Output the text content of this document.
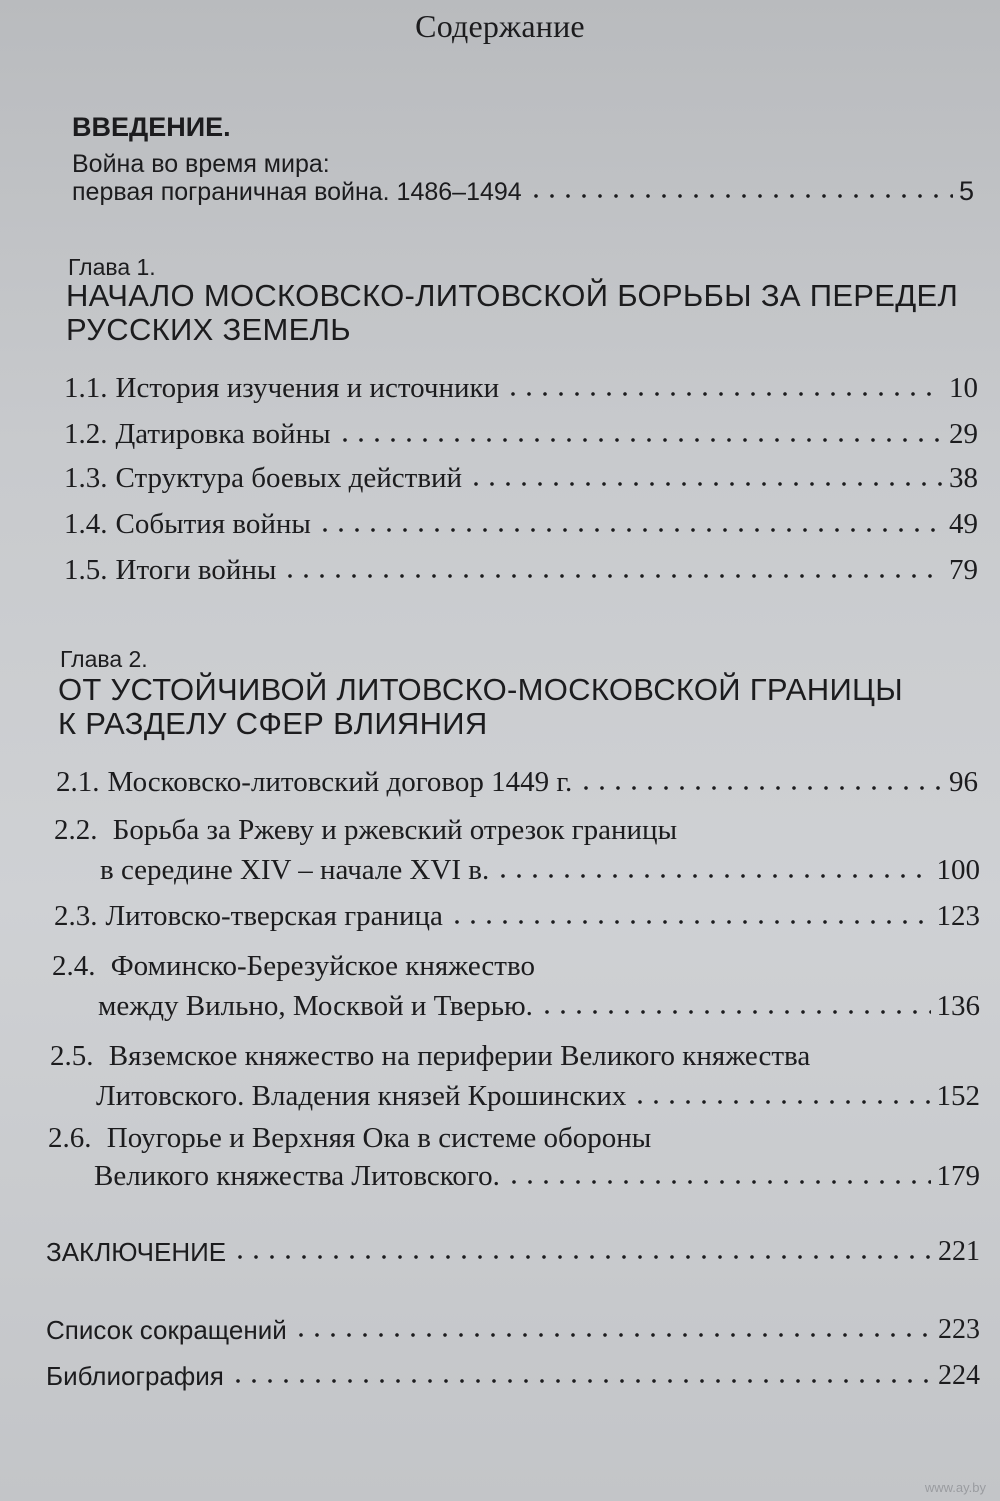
Содержание
ВВЕДЕНИЕ.
Война во время мира:
первая пограничная война. 1486–1494	5
Глава 1.
НАЧАЛО МОСКОВСКО-ЛИТОВСКОЙ БОРЬБЫ ЗА ПЕРЕДЕЛ
РУССКИХ ЗЕМЕЛЬ
1.1. История изучения и источники	10
1.2. Датировка войны	29
1.3. Структура боевых действий	38
1.4. События войны	49
1.5. Итоги войны	79
Глава 2.
ОТ УСТОЙЧИВОЙ ЛИТОВСКО-МОСКОВСКОЙ ГРАНИЦЫ
К РАЗДЕЛУ СФЕР ВЛИЯНИЯ
2.1. Московско-литовский договор 1449 г.	96
2.2. Борьба за Ржеву и ржевский отрезок границы
в середине XIV – начале XVI в.	100
2.3. Литовско-тверская граница	123
2.4. Фоминско-Березуйское княжество
между Вильно, Москвой и Тверью.	136
2.5. Вяземское княжество на периферии Великого княжества
Литовского. Владения князей Крошинских	152
2.6. Поугорье и Верхняя Ока в системе обороны
Великого княжества Литовского.	179
ЗАКЛЮЧЕНИЕ	221
Список сокращений	223
Библиография	224
www.ay.by
